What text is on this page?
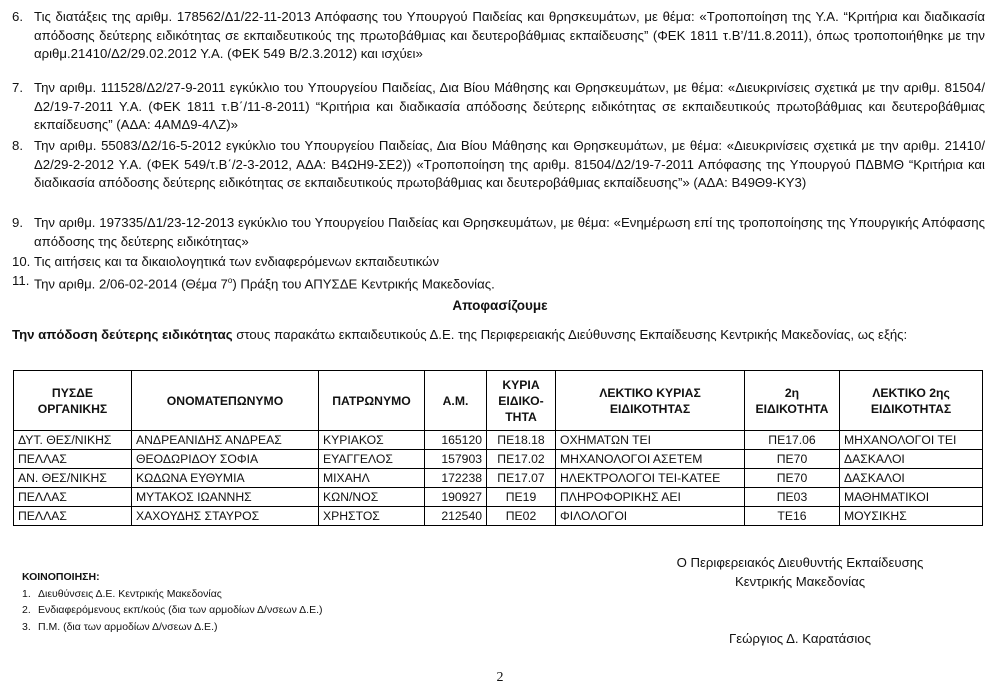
6. Τις διατάξεις της αριθμ. 178562/Δ1/22-11-2013 Απόφασης του Υπουργού Παιδείας και θρησκευμάτων, με θέμα: «Τροποποίηση της Υ.Α. “Κριτήρια και διαδικασία απόδοσης δεύτερης ειδικότητας σε εκπαιδευτικούς της πρωτοβάθμιας και δευτεροβάθμιας εκπαίδευσης” (ΦΕΚ 1811 τ.Β’/11.8.2011), όπως τροποποιήθηκε με την αριθμ.21410/Δ2/29.02.2012 Υ.Α. (ΦΕΚ 549 Β/2.3.2012) και ισχύει»
7. Την αριθμ. 111528/Δ2/27-9-2011 εγκύκλιο του Υπουργείου Παιδείας, Δια Βίου Μάθησης και Θρησκευμάτων, με θέμα: «Διευκρινίσεις σχετικά με την αριθμ. 81504/Δ2/19-7-2011 Υ.Α. (ΦΕΚ 1811 τ.Β΄/11-8-2011) “Κριτήρια και διαδικασία απόδοσης δεύτερης ειδικότητας σε εκπαιδευτικούς πρωτοβάθμιας και δευτεροβάθμιας εκπαίδευσης” (ΑΔΑ: 4ΑΜΔ9-4ΛΖ)»
8. Την αριθμ. 55083/Δ2/16-5-2012 εγκύκλιο του Υπουργείου Παιδείας, Δια Βίου Μάθησης και Θρησκευμάτων, με θέμα: «Διευκρινίσεις σχετικά με την αριθμ. 21410/Δ2/29-2-2012 Υ.Α. (ΦΕΚ 549/τ.Β΄/2-3-2012, ΑΔΑ: Β4ΩΗ9-ΣΕ2)) «Τροποποίηση της αριθμ. 81504/Δ2/19-7-2011 Απόφασης της Υπουργού ΠΔΒΜΘ “Κριτήρια και διαδικασία απόδοσης δεύτερης ειδικότητας σε εκπαιδευτικούς πρωτοβάθμιας και δευτεροβάθμιας εκπαίδευσης”» (ΑΔΑ: Β49Θ9-ΚΥ3)
9. Την αριθμ. 197335/Δ1/23-12-2013 εγκύκλιο του Υπουργείου Παιδείας και Θρησκευμάτων, με θέμα: «Ενημέρωση επί της τροποποίησης της Υπουργικής Απόφασης απόδοσης της δεύτερης ειδικότητας»
10. Τις αιτήσεις και τα δικαιολογητικά των ενδιαφερόμενων εκπαιδευτικών
11. Την αριθμ. 2/06-02-2014 (Θέμα $7^o$) Πράξη του ΑΠΥΣΔΕ Κεντρικής Μακεδονίας.
Αποφασίζουμε
Την απόδοση δεύτερης ειδικότητας στους παρακάτω εκπαιδευτικούς Δ.Ε. της Περιφερειακής Διεύθυνσης Εκπαίδευσης Κεντρικής Μακεδονίας, ως εξής:
ΠΥΣΔΕ ΟΡΓΑΝΙΚΗΣ	ΟΝΟΜΑΤΕΠΩΝΥΜΟ	ΠΑΤΡΩΝΥΜΟ	Α.Μ.	ΚΥΡΙΑ ΕΙΔΙΚΟ-ΤΗΤΑ	ΛΕΚΤΙΚΟ ΚΥΡΙΑΣ ΕΙΔΙΚΟΤΗΤΑΣ	2η ΕΙΔΙΚΟΤΗΤΑ	ΛΕΚΤΙΚΟ 2ης ΕΙΔΙΚΟΤΗΤΑΣ
ΔΥΤ. ΘΕΣ/ΝΙΚΗΣ	ΑΝΔΡΕΑΝΙΔΗΣ ΑΝΔΡΕΑΣ	ΚΥΡΙΑΚΟΣ	165120	ΠΕ18.18	ΟΧΗΜΑΤΩΝ ΤΕΙ	ΠΕ17.06	ΜΗΧΑΝΟΛΟΓΟΙ ΤΕΙ
ΠΕΛΛΑΣ	ΘΕΟΔΩΡΙΔΟΥ ΣΟΦΙΑ	ΕΥΑΓΓΕΛΟΣ	157903	ΠΕ17.02	ΜΗΧΑΝΟΛΟΓΟΙ ΑΣΕΤΕΜ	ΠΕ70	ΔΑΣΚΑΛΟΙ
ΑΝ. ΘΕΣ/ΝΙΚΗΣ	ΚΩΔΩΝΑ ΕΥΘΥΜΙΑ	ΜΙΧΑΗΛ	172238	ΠΕ17.07	ΗΛΕΚΤΡΟΛΟΓΟΙ ΤΕΙ-ΚΑΤΕΕ	ΠΕ70	ΔΑΣΚΑΛΟΙ
ΠΕΛΛΑΣ	ΜΥΤΑΚΟΣ ΙΩΑΝΝΗΣ	ΚΩΝ/ΝΟΣ	190927	ΠΕ19	ΠΛΗΡΟΦΟΡΙΚΗΣ ΑΕΙ	ΠΕ03	ΜΑΘΗΜΑΤΙΚΟΙ
ΠΕΛΛΑΣ	ΧΑΧΟΥΔΗΣ ΣΤΑΥΡΟΣ	ΧΡΗΣΤΟΣ	212540	ΠΕ02	ΦΙΛΟΛΟΓΟΙ	ΤΕ16	ΜΟΥΣΙΚΗΣ
ΚΟΙΝΟΠΟΙΗΣΗ:
1. Διευθύνσεις Δ.Ε. Κεντρικής Μακεδονίας
2. Ενδιαφερόμενους εκπ/κούς (δια των αρμοδίων Δ/νσεων Δ.Ε.)
3. Π.Μ. (δια των αρμοδίων Δ/νσεων Δ.Ε.)
Ο Περιφερειακός Διευθυντής Εκπαίδευσης
Κεντρικής Μακεδονίας
Γεώργιος Δ. Καρατάσιος
2
